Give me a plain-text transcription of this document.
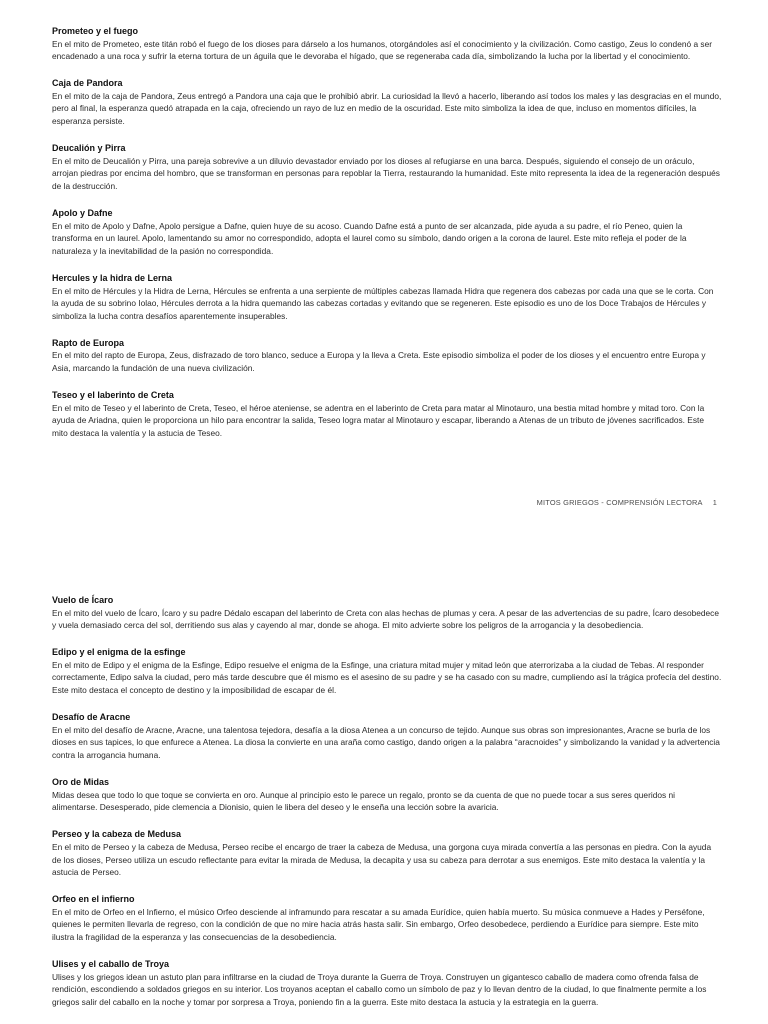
Prometeo y el fuego

En el mito de Prometeo, este titán robó el fuego de los dioses para dárselo a los humanos, otorgándoles así el conocimiento y la civilización. Como castigo, Zeus lo condenó a ser encadenado a una roca y sufrir la eterna tortura de un águila que le devoraba el hígado, que se regeneraba cada día, simbolizando la lucha por la libertad y el conocimiento.

Caja de Pandora

En el mito de la caja de Pandora, Zeus entregó a Pandora una caja que le prohibió abrir. La curiosidad la llevó a hacerlo, liberando así todos los males y las desgracias en el mundo, pero al final, la esperanza quedó atrapada en la caja, ofreciendo un rayo de luz en medio de la oscuridad. Este mito simboliza la idea de que, incluso en momentos difíciles, la esperanza persiste.

Deucalión y Pirra

En el mito de Deucalión y Pirra, una pareja sobrevive a un diluvio devastador enviado por los dioses al refugiarse en una barca. Después, siguiendo el consejo de un oráculo, arrojan piedras por encima del hombro, que se transforman en personas para repoblar la Tierra, restaurando la humanidad. Este mito representa la idea de la regeneración después de la destrucción.

Apolo y Dafne

En el mito de Apolo y Dafne, Apolo persigue a Dafne, quien huye de su acoso. Cuando Dafne está a punto de ser alcanzada, pide ayuda a su padre, el río Peneo, quien la transforma en un laurel. Apolo, lamentando su amor no correspondido, adopta el laurel como su símbolo, dando origen a la corona de laurel. Este mito refleja el poder de la naturaleza y la inevitabilidad de la pasión no correspondida.

Hercules y la hidra de Lerna

En el mito de Hércules y la Hidra de Lerna, Hércules se enfrenta a una serpiente de múltiples cabezas llamada Hidra que regenera dos cabezas por cada una que se le corta. Con la ayuda de su sobrino Iolao, Hércules derrota a la hidra quemando las cabezas cortadas y evitando que se regeneren. Este episodio es uno de los Doce Trabajos de Hércules y simboliza la lucha contra desafíos aparentemente insuperables.

Rapto de Europa

En el mito del rapto de Europa, Zeus, disfrazado de toro blanco, seduce a Europa y la lleva a Creta. Este episodio simboliza el poder de los dioses y el encuentro entre Europa y Asia, marcando la fundación de una nueva civilización.

Teseo y el laberinto de Creta

En el mito de Teseo y el laberinto de Creta, Teseo, el héroe ateniense, se adentra en el laberinto de Creta para matar al Minotauro, una bestia mitad hombre y mitad toro. Con la ayuda de Ariadna, quien le proporciona un hilo para encontrar la salida, Teseo logra matar al Minotauro y escapar, liberando a Atenas de un tributo de jóvenes sacrificados. Este mito destaca la valentía y la astucia de Teseo.

MITOS GRIEGOS - COMPRENSIÓN LECTORA 1
Vuelo de Ícaro

En el mito del vuelo de Ícaro, Ícaro y su padre Dédalo escapan del laberinto de Creta con alas hechas de plumas y cera. A pesar de las advertencias de su padre, Ícaro desobedece y vuela demasiado cerca del sol, derritiendo sus alas y cayendo al mar, donde se ahoga. El mito advierte sobre los peligros de la arrogancia y la desobediencia.

Edipo y el enigma de la esfinge

En el mito de Edipo y el enigma de la Esfinge, Edipo resuelve el enigma de la Esfinge, una criatura mitad mujer y mitad león que aterrorizaba a la ciudad de Tebas. Al responder correctamente, Edipo salva la ciudad, pero más tarde descubre que él mismo es el asesino de su padre y se ha casado con su madre, cumpliendo así la trágica profecía del destino. Este mito destaca el concepto de destino y la imposibilidad de escapar de él.

Desafío de Aracne

En el mito del desafío de Aracne, Aracne, una talentosa tejedora, desafía a la diosa Atenea a un concurso de tejido. Aunque sus obras son impresionantes, Aracne se burla de los dioses en sus tapices, lo que enfurece a Atenea. La diosa la convierte en una araña como castigo, dando origen a la palabra “aracnoides” y simbolizando la vanidad y la advertencia contra la arrogancia humana.

Oro de Midas

Midas desea que todo lo que toque se convierta en oro. Aunque al principio esto le parece un regalo, pronto se da cuenta de que no puede tocar a sus seres queridos ni alimentarse. Desesperado, pide clemencia a Dionisio, quien le libera del deseo y le enseña una lección sobre la avaricia.

Perseo y la cabeza de Medusa

En el mito de Perseo y la cabeza de Medusa, Perseo recibe el encargo de traer la cabeza de Medusa, una gorgona cuya mirada convertía a las personas en piedra. Con la ayuda de los dioses, Perseo utiliza un escudo reflectante para evitar la mirada de Medusa, la decapita y usa su cabeza para derrotar a sus enemigos. Este mito destaca la valentía y la astucia de Perseo.

Orfeo en el infierno

En el mito de Orfeo en el Infierno, el músico Orfeo desciende al inframundo para rescatar a su amada Eurídice, quien había muerto. Su música conmueve a Hades y Perséfone, quienes le permiten llevarla de regreso, con la condición de que no mire hacia atrás hasta salir. Sin embargo, Orfeo desobedece, perdiendo a Eurídice para siempre. Este mito ilustra la fragilidad de la esperanza y las consecuencias de la desobediencia.

Ulises y el caballo de Troya

Ulises y los griegos idean un astuto plan para infiltrarse en la ciudad de Troya durante la Guerra de Troya. Construyen un gigantesco caballo de madera como ofrenda falsa de rendición, escondiendo a soldados griegos en su interior. Los troyanos aceptan el caballo como un símbolo de paz y lo llevan dentro de la ciudad, lo que finalmente permite a los griegos salir del caballo en la noche y tomar por sorpresa a Troya, poniendo fin a la guerra. Este mito destaca la astucia y la estrategia en la guerra.
